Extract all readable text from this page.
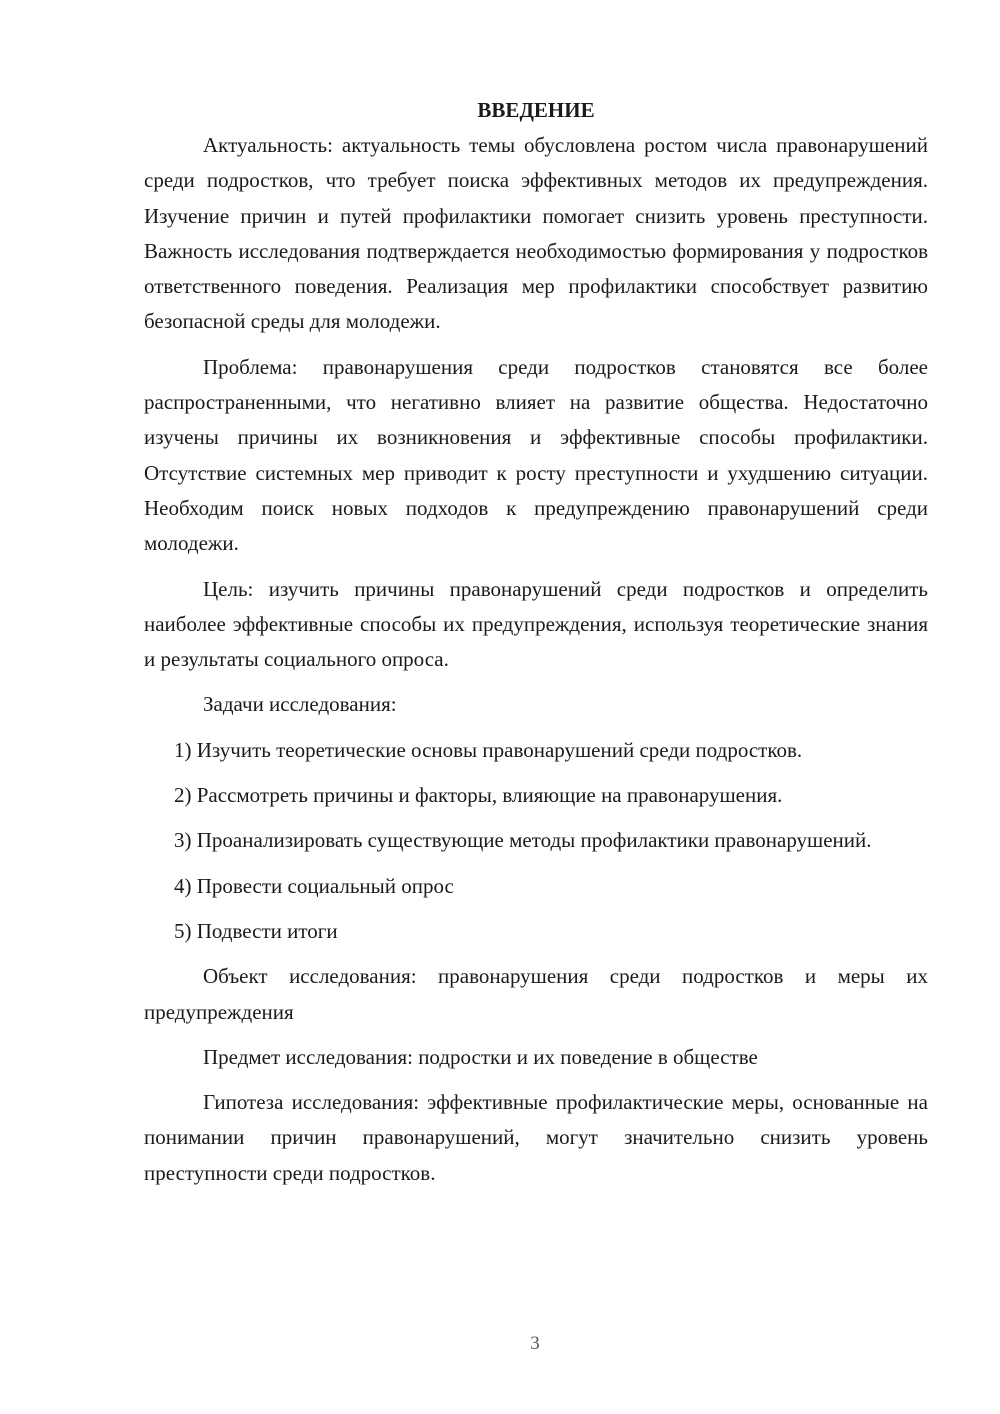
ВВЕДЕНИЕ

Актуальность: актуальность темы обусловлена ростом числа правонарушений среди подростков, что требует поиска эффективных методов их предупреждения. Изучение причин и путей профилактики помогает снизить уровень преступности. Важность исследования подтверждается необходимостью формирования у подростков ответственного поведения. Реализация мер профилактики способствует развитию безопасной среды для молодежи.

Проблема: правонарушения среди подростков становятся все более распространенными, что негативно влияет на развитие общества. Недостаточно изучены причины их возникновения и эффективные способы профилактики. Отсутствие системных мер приводит к росту преступности и ухудшению ситуации. Необходим поиск новых подходов к предупреждению правонарушений среди молодежи.

Цель: изучить причины правонарушений среди подростков и определить наиболее эффективные способы их предупреждения, используя теоретические знания и результаты социального опроса.

Задачи исследования:

1) Изучить теоретические основы правонарушений среди подростков.

2) Рассмотреть причины и факторы, влияющие на правонарушения.

3) Проанализировать существующие методы профилактики правонарушений.

4) Провести социальный опрос

5) Подвести итоги

Объект исследования: правонарушения среди подростков и меры их предупреждения

Предмет исследования: подростки и их поведение в обществе

Гипотеза исследования: эффективные профилактические меры, основанные на понимании причин правонарушений, могут значительно снизить уровень преступности среди подростков.

3
